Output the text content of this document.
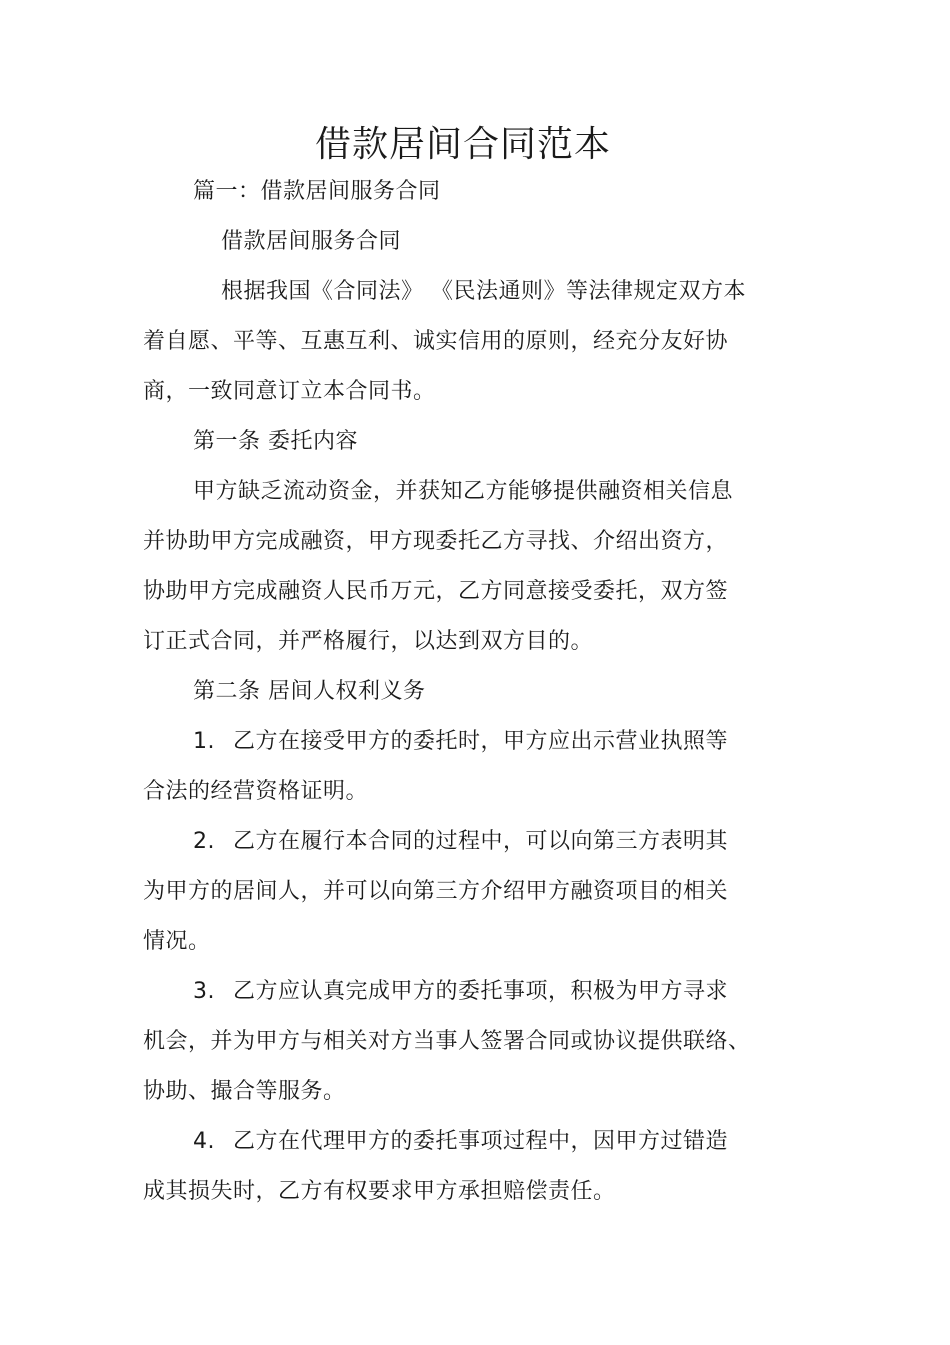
借款居间合同范本
篇一：借款居间服务合同
借款居间服务合同
根据我国《合同法》 《民法通则》等法律规定双方本
着自愿、平等、互惠互利、诚实信用的原则，经充分友好协
商，一致同意订立本合同书。
第一条 委托内容
甲方缺乏流动资金，并获知乙方能够提供融资相关信息
并协助甲方完成融资，甲方现委托乙方寻找、介绍出资方，
协助甲方完成融资人民币万元，乙方同意接受委托，双方签
订正式合同，并严格履行，以达到双方目的。
第二条 居间人权利义务
1. 乙方在接受甲方的委托时，甲方应出示营业执照等
合法的经营资格证明。
2. 乙方在履行本合同的过程中，可以向第三方表明其
为甲方的居间人，并可以向第三方介绍甲方融资项目的相关
情况。
3. 乙方应认真完成甲方的委托事项，积极为甲方寻求
机会，并为甲方与相关对方当事人签署合同或协议提供联络、
协助、撮合等服务。
4. 乙方在代理甲方的委托事项过程中，因甲方过错造
成其损失时，乙方有权要求甲方承担赔偿责任。
